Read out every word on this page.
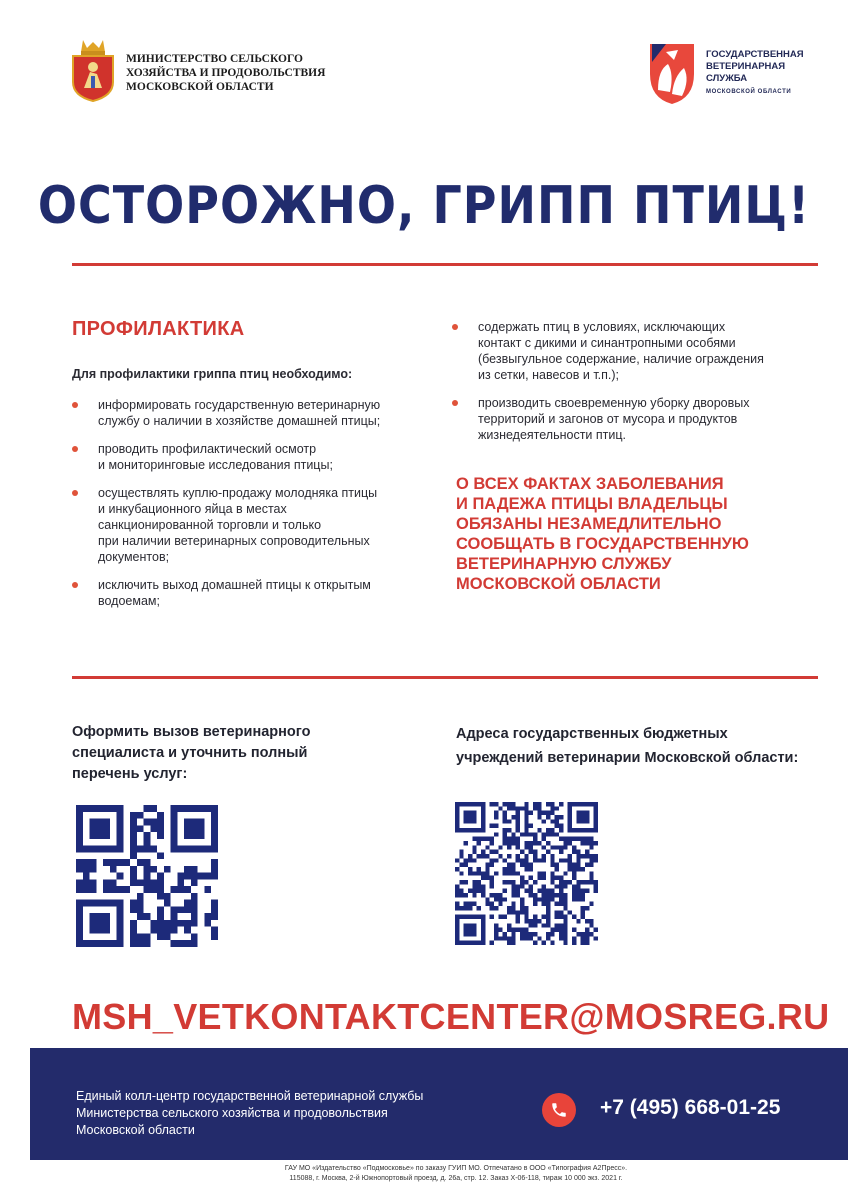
МИНИСТЕРСТВО СЕЛЬСКОГО
ХОЗЯЙСТВА И ПРОДОВОЛЬСТВИЯ
МОСКОВСКОЙ ОБЛАСТИ
ГОСУДАРСТВЕННАЯ
ВЕТЕРИНАРНАЯ
СЛУЖБА
МОСКОВСКОЙ ОБЛАСТИ
ОСТОРОЖНО, ГРИПП ПТИЦ!
ПРОФИЛАКТИКА
Для профилактики гриппа птиц необходимо:
информировать государственную ветеринарную
службу о наличии в хозяйстве домашней птицы;
проводить профилактический осмотр
и мониторинговые исследования птицы;
осуществлять куплю-продажу молодняка птицы
и инкубационного яйца в местах
санкционированной торговли и только
при наличии ветеринарных сопроводительных
документов;
исключить выход домашней птицы к открытым
водоемам;
содержать птиц в условиях, исключающих
контакт с дикими и синантропными особями
(безвыгульное содержание, наличие ограждения
из сетки, навесов и т.п.);
производить своевременную уборку дворовых
территорий и загонов от мусора и продуктов
жизнедеятельности птиц.
О ВСЕХ ФАКТАХ ЗАБОЛЕВАНИЯ
И ПАДЕЖА ПТИЦЫ ВЛАДЕЛЬЦЫ
ОБЯЗАНЫ НЕЗАМЕДЛИТЕЛЬНО
СООБЩАТЬ В ГОСУДАРСТВЕННУЮ
ВЕТЕРИНАРНУЮ СЛУЖБУ
МОСКОВСКОЙ ОБЛАСТИ
Оформить вызов ветеринарного
специалиста и уточнить полный
перечень услуг:
Адреса государственных бюджетных
учреждений ветеринарии Московской области:
MSH_VETKONTAKTCENTER@MOSREG.RU
Единый колл-центр государственной ветеринарной службы
Министерства сельского хозяйства и продовольствия
Московской области
+7 (495) 668-01-25
ГАУ МО «Издательство «Подмосковье» по заказу ГУИП МО. Отпечатано в ООО «Типография А2Пресс».
115088, г. Москва, 2-й Южнопортовый проезд, д. 26а, стр. 12. Заказ Х-06-118, тираж 10 000 экз. 2021 г.
